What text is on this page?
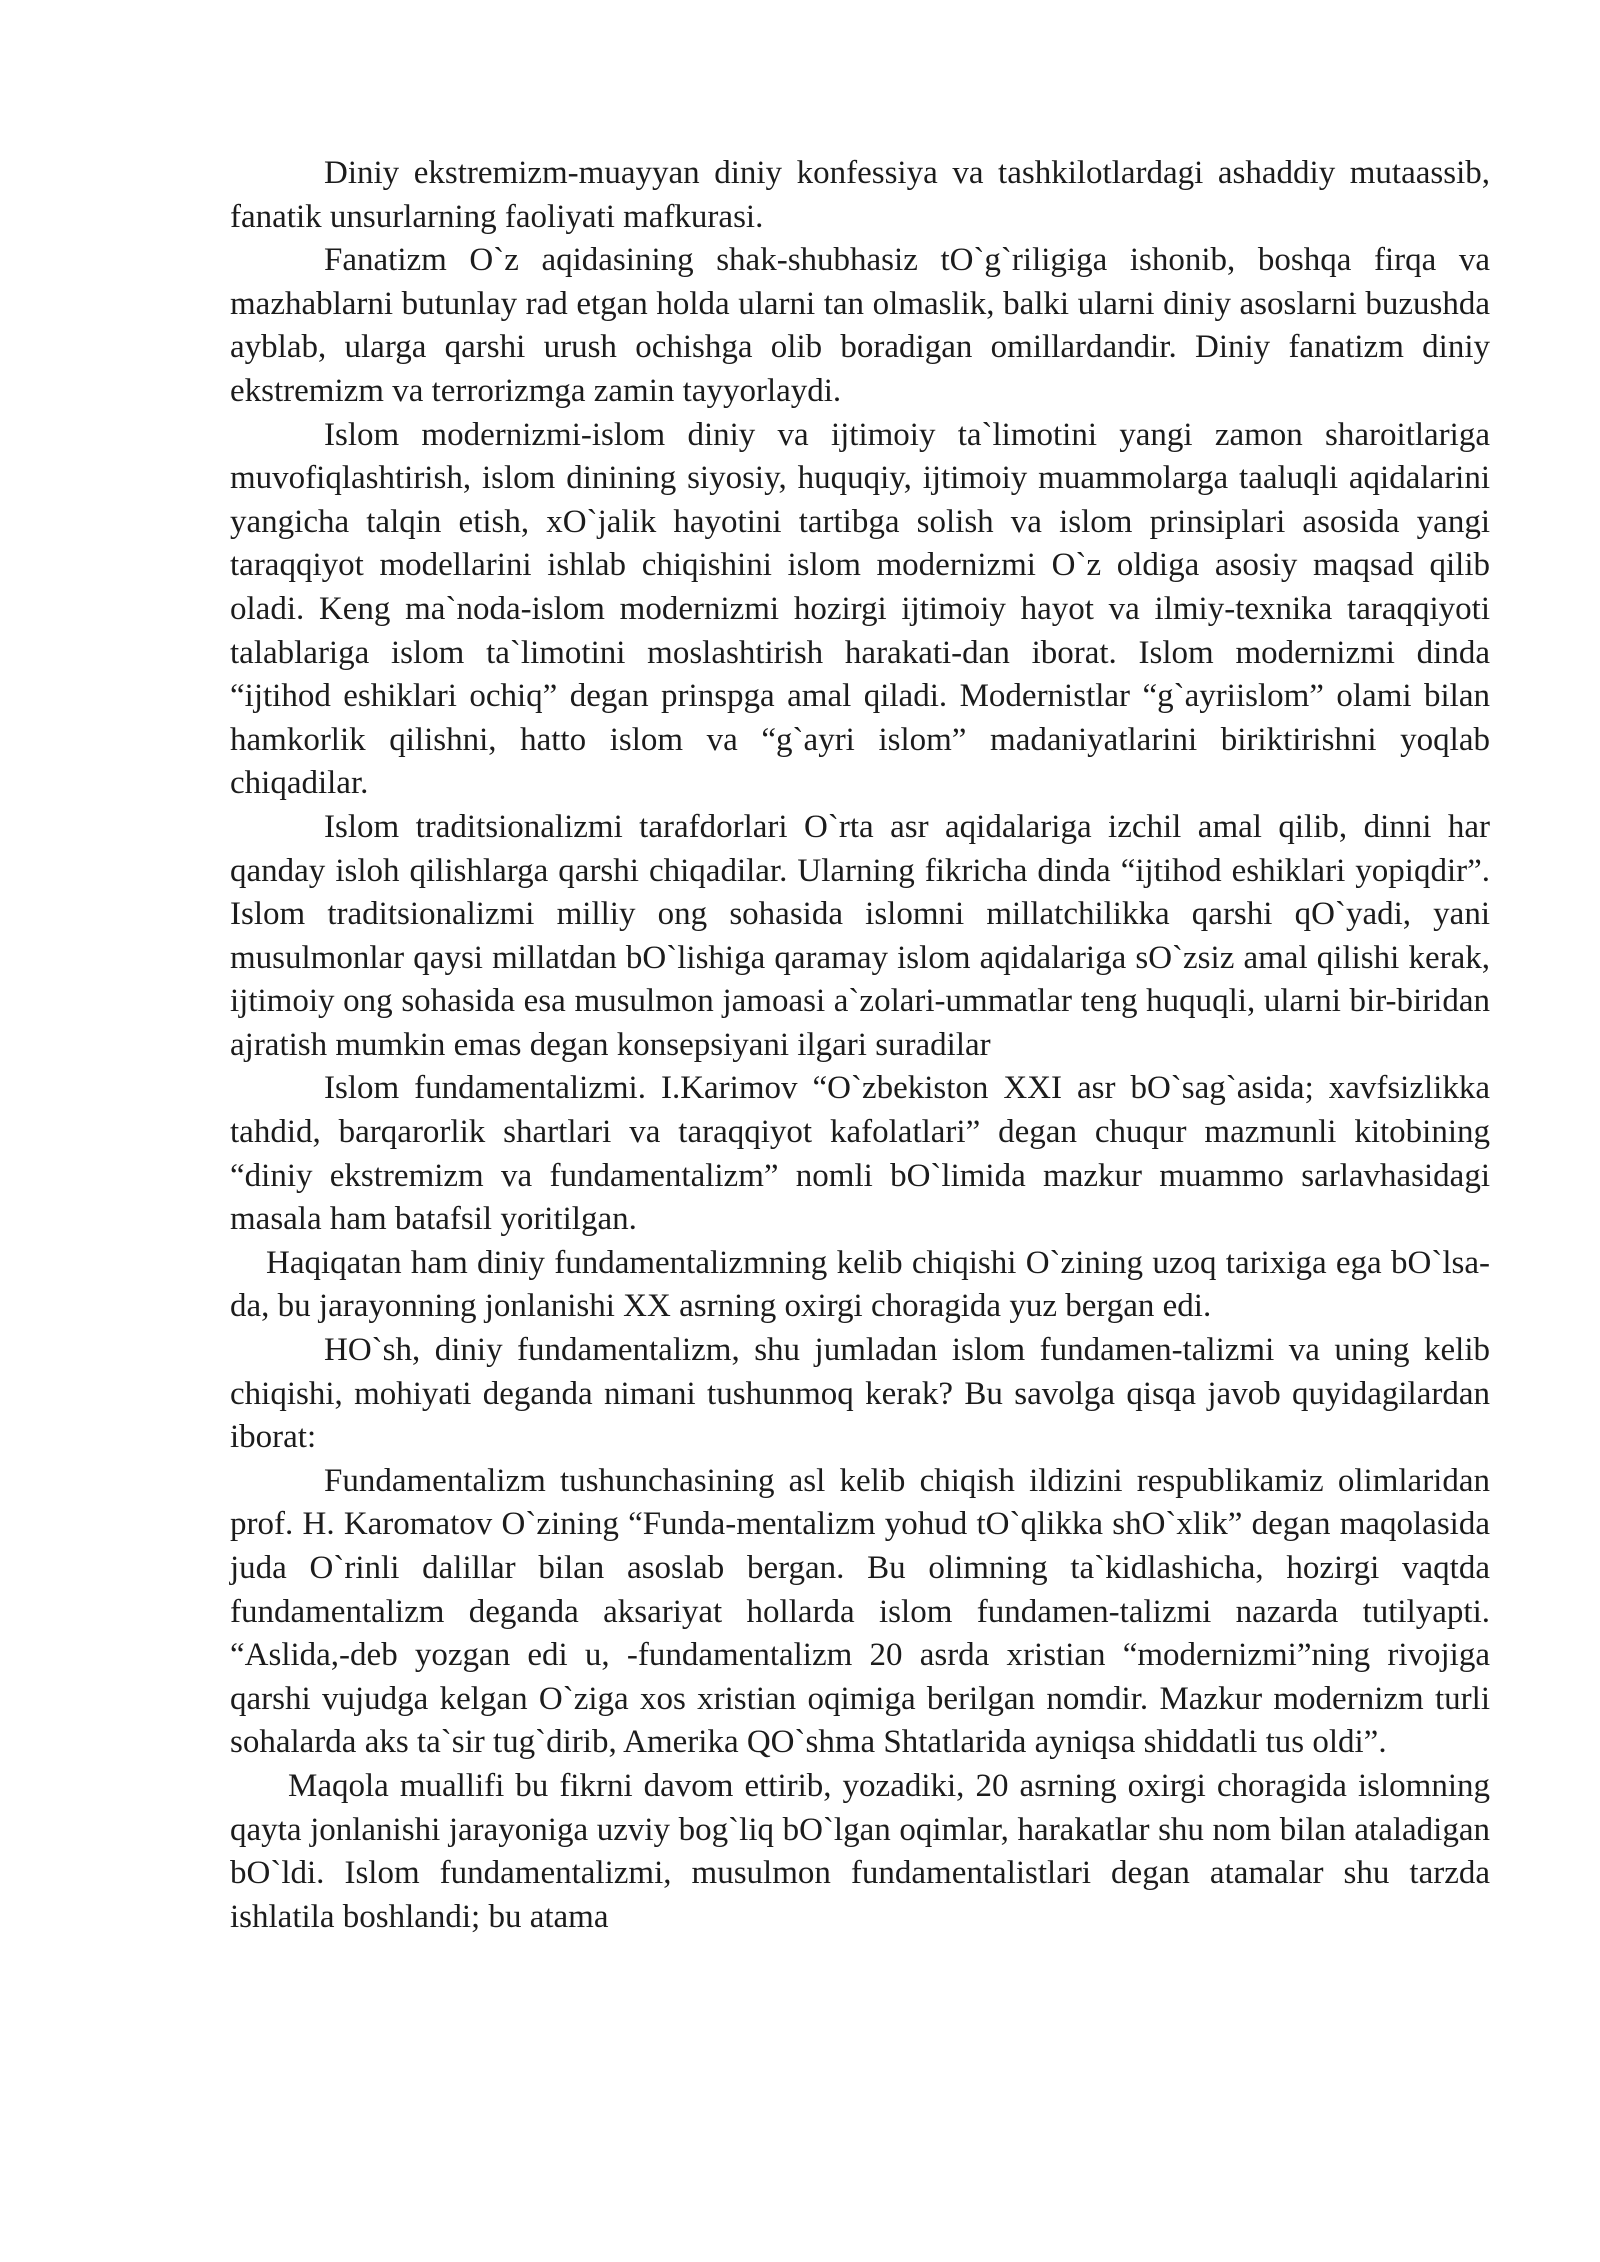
Diniy ekstremizm-muayyan diniy konfessiya va tashkilotlardagi ashaddiy mutaassib, fanatik unsurlarning faoliyati mafkurasi.

Fanatizm O`z aqidasining shak-shubhasiz tO`g`riligiga ishonib, boshqa firqa va mazhablarni butunlay rad etgan holda ularni tan olmaslik, balki ularni diniy asoslarni buzushda ayblab, ularga qarshi urush ochishga olib boradigan omillardandir. Diniy fanatizm diniy ekstremizm va terrorizmga zamin tayyorlaydi.

Islom modernizmi-islom diniy va ijtimoiy ta`limotini yangi zamon sharoitlariga muvofiqlashtirish, islom dinining siyosiy, huquqiy, ijtimoiy muammolarga taaluqli aqidalarini yangicha talqin etish, xO`jalik hayotini tartibga solish va islom prinsiplari asosida yangi taraqqiyot modellarini ishlab chiqishini islom modernizmi O`z oldiga asosiy maqsad qilib oladi. Keng ma`noda-islom modernizmi hozirgi ijtimoiy hayot va ilmiy-texnika taraqqiyoti talablariga islom ta`limotini moslashtirish harakati-dan iborat. Islom modernizmi dinda “ijtihod eshiklari ochiq” degan prinspga amal qiladi. Modernistlar “g`ayriislom” olami bilan hamkorlik qilishni, hatto islom va “g`ayri islom” madaniyatlarini biriktirishni yoqlab chiqadilar.

Islom traditsionalizmi tarafdorlari O`rta asr aqidalariga izchil amal qilib, dinni har qanday isloh qilishlarga qarshi chiqadilar. Ularning fikricha dinda “ijtihod eshiklari yopiqdir”. Islom traditsionalizmi milliy ong sohasida islomni millatchilikka qarshi qO`yadi, yani musulmonlar qaysi millatdan bO`lishiga qaramay islom aqidalariga sO`zsiz amal qilishi kerak, ijtimoiy ong sohasida esa musulmon jamoasi a`zolari-ummatlar teng huquqli, ularni bir-biridan ajratish mumkin emas degan konsepsiyani ilgari suradilar

Islom fundamentalizmi. I.Karimov “O`zbekiston XXI asr bO`sag`asida; xavfsizlikka tahdid, barqarorlik shartlari va taraqqiyot kafolatlari” degan chuqur mazmunli kitobining “diniy ekstremizm va fundamentalizm” nomli bO`limida mazkur muammo sarlavhasidagi masala ham batafsil yoritilgan.

Haqiqatan ham diniy fundamentalizmning kelib chiqishi O`zining uzoq tarixiga ega bO`lsa-da, bu jarayonning jonlanishi XX asrning oxirgi choragida yuz bergan edi.

HO`sh, diniy fundamentalizm, shu jumladan islom fundamen-talizmi va uning kelib chiqishi, mohiyati deganda nimani tushunmoq kerak? Bu savolga qisqa javob quyidagilardan iborat:

Fundamentalizm tushunchasining asl kelib chiqish ildizini respublikamiz olimlaridan prof. H. Karomatov O`zining “Funda-mentalizm yohud tO`qlikka shO`xlik” degan maqolasida juda O`rinli dalillar bilan asoslab bergan. Bu olimning ta`kidlashicha, hozirgi vaqtda fundamentalizm deganda aksariyat hollarda islom fundamen-talizmi nazarda tutilyapti. “Aslida,-deb yozgan edi u, -fundamentalizm 20 asrda xristian “modernizmi”ning rivojiga qarshi vujudga kelgan O`ziga xos xristian oqimiga berilgan nomdir. Mazkur modernizm turli sohalarda aks ta`sir tug`dirib, Amerika QO`shma Shtatlarida ayniqsa shiddatli tus oldi”.

Maqola muallifi bu fikrni davom ettirib, yozadiki, 20 asrning oxirgi choragida islomning qayta jonlanishi jarayoniga uzviy bog`liq bO`lgan oqimlar, harakatlar shu nom bilan ataladigan bO`ldi. Islom fundamentalizmi, musulmon fundamentalistlari degan atamalar shu tarzda ishlatila boshlandi; bu atama
